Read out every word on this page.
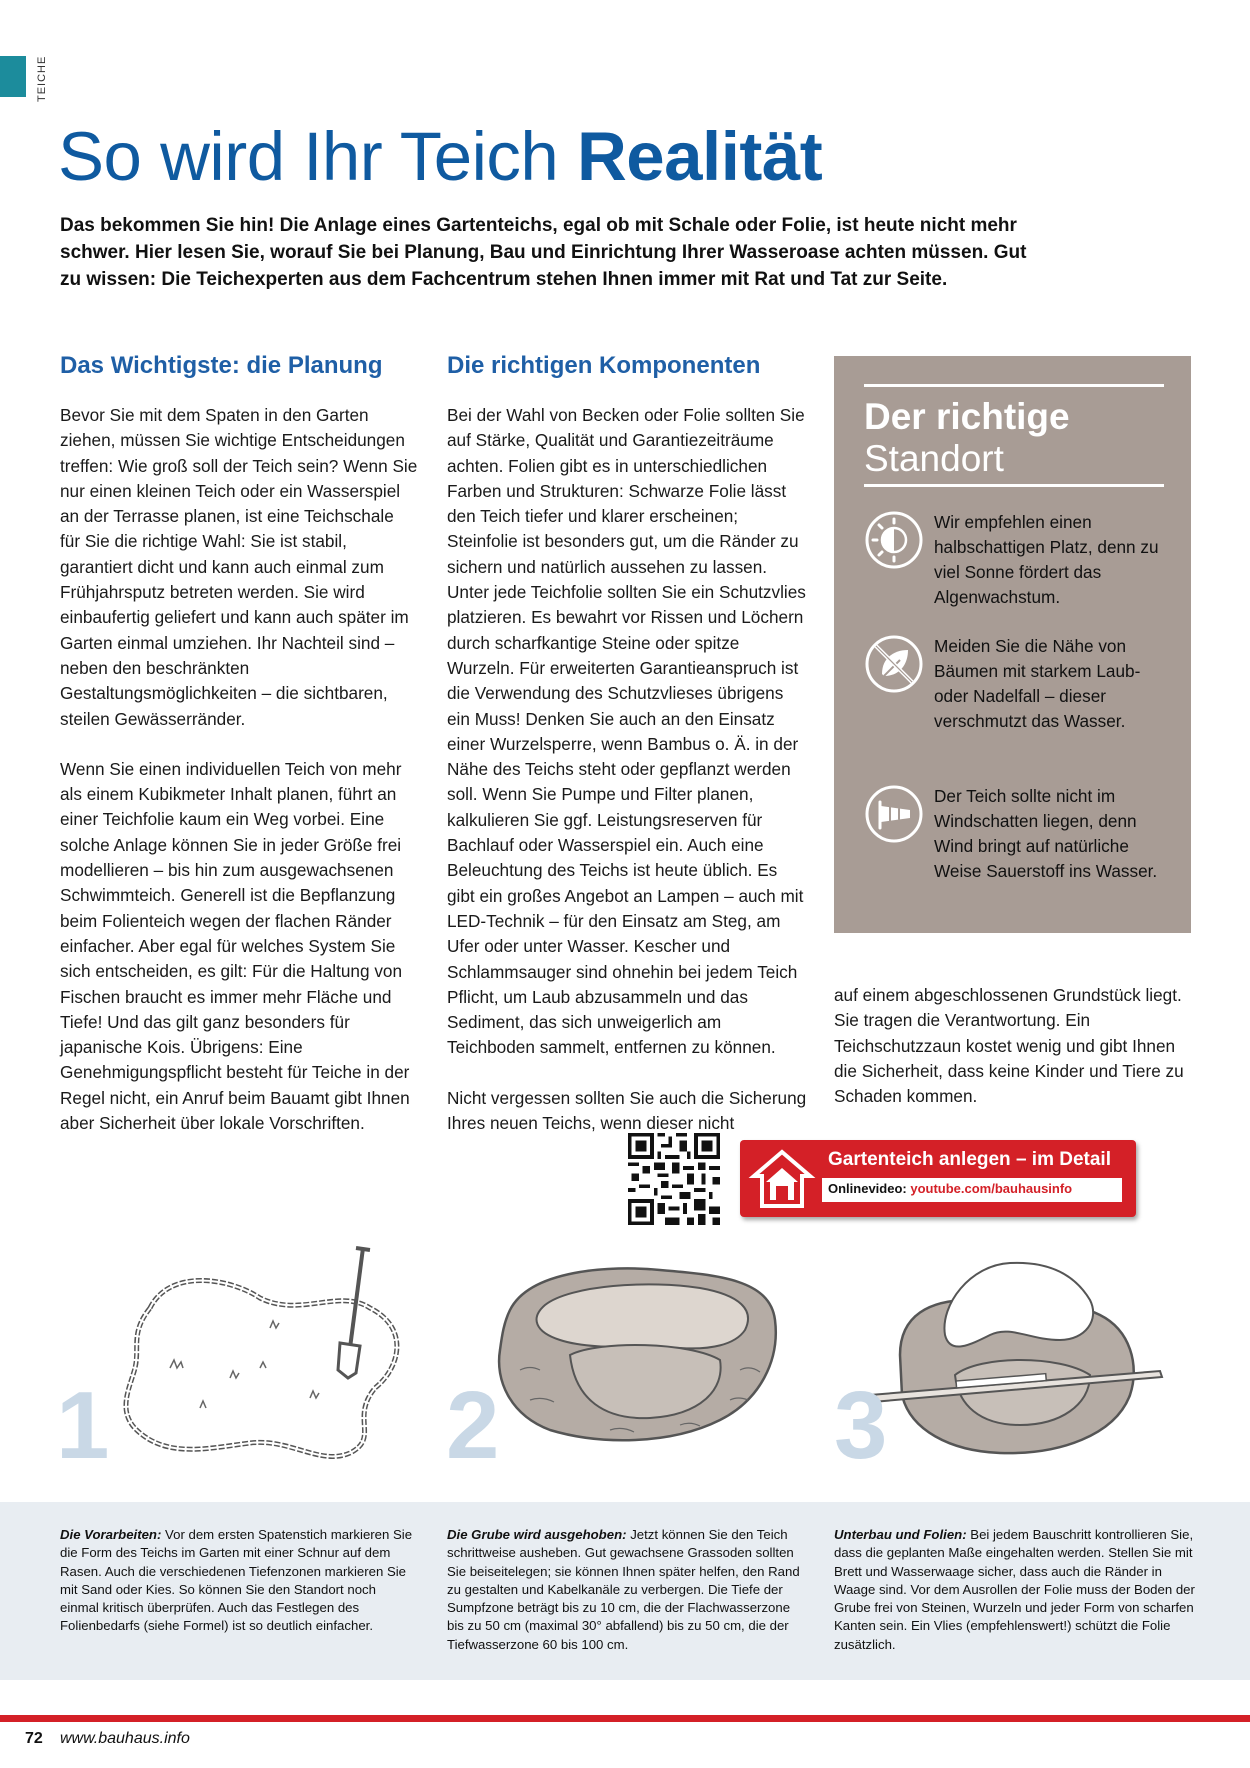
TEICHE
So wird Ihr Teich Realität
Das bekommen Sie hin! Die Anlage eines Gartenteichs, egal ob mit Schale oder Folie, ist heute nicht mehr schwer. Hier lesen Sie, worauf Sie bei Planung, Bau und Einrichtung Ihrer Wasseroase achten müssen. Gut zu wissen: Die Teichexperten aus dem Fachcentrum stehen Ihnen immer mit Rat und Tat zur Seite.
Das Wichtigste: die Planung

Bevor Sie mit dem Spaten in den Garten ziehen, müssen Sie wichtige Entscheidungen treffen: Wie groß soll der Teich sein? Wenn Sie nur einen kleinen Teich oder ein Wasserspiel an der Terrasse planen, ist eine Teichschale für Sie die richtige Wahl: Sie ist stabil, garantiert dicht und kann auch einmal zum Frühjahrsputz betreten werden. Sie wird einbaufertig geliefert und kann auch später im Garten einmal umziehen. Ihr Nachteil sind – neben den beschränkten Gestaltungsmöglichkeiten – die sichtbaren, steilen Gewässerränder.

Wenn Sie einen individuellen Teich von mehr als einem Kubikmeter Inhalt planen, führt an einer Teichfolie kaum ein Weg vorbei. Eine solche Anlage können Sie in jeder Größe frei modellieren – bis hin zum ausgewachsenen Schwimmteich. Generell ist die Bepflanzung beim Folienteich wegen der flachen Ränder einfacher. Aber egal für welches System Sie sich entscheiden, es gilt: Für die Haltung von Fischen braucht es immer mehr Fläche und Tiefe! Und das gilt ganz besonders für japanische Kois. Übrigens: Eine Genehmigungspflicht besteht für Teiche in der Regel nicht, ein Anruf beim Bauamt gibt Ihnen aber Sicherheit über lokale Vorschriften.

Die richtigen Komponenten

Bei der Wahl von Becken oder Folie sollten Sie auf Stärke, Qualität und Garantiezeiträume achten. Folien gibt es in unterschiedlichen Farben und Strukturen: Schwarze Folie lässt den Teich tiefer und klarer erscheinen; Steinfolie ist besonders gut, um die Ränder zu sichern und natürlich aussehen zu lassen. Unter jede Teichfolie sollten Sie ein Schutzvlies platzieren. Es bewahrt vor Rissen und Löchern durch scharfkantige Steine oder spitze Wurzeln. Für erweiterten Garantieanspruch ist die Verwendung des Schutzvlieses übrigens ein Muss! Denken Sie auch an den Einsatz einer Wurzelsperre, wenn Bambus o. Ä. in der Nähe des Teichs steht oder gepflanzt werden soll. Wenn Sie Pumpe und Filter planen, kalkulieren Sie ggf. Leistungsreserven für Bachlauf oder Wasserspiel ein. Auch eine Beleuchtung des Teichs ist heute üblich. Es gibt ein großes Angebot an Lampen – auch mit LED-Technik – für den Einsatz am Steg, am Ufer oder unter Wasser. Kescher und Schlammsauger sind ohnehin bei jedem Teich Pflicht, um Laub abzusammeln und das Sediment, das sich unweigerlich am Teichboden sammelt, entfernen zu können.

Nicht vergessen sollten Sie auch die Sicherung Ihres neuen Teichs, wenn dieser nicht

Der richtige
Standort
Wir empfehlen einen halbschattigen Platz, denn zu viel Sonne fördert das Algenwachstum.
Meiden Sie die Nähe von Bäumen mit starkem Laub- oder Nadelfall – dieser verschmutzt das Wasser.
Der Teich sollte nicht im Windschatten liegen, denn Wind bringt auf natürliche Weise Sauerstoff ins Wasser.
auf einem abgeschlossenen Grundstück liegt. Sie tragen die Verantwortung. Ein Teichschutzzaun kostet wenig und gibt Ihnen die Sicherheit, dass keine Kinder und Tiere zu Schaden kommen.
Gartenteich anlegen – im Detail
Onlinevideo: youtube.com/bauhausinfo
1	2	3
Die Vorarbeiten: Vor dem ersten Spatenstich markieren Sie die Form des Teichs im Garten mit einer Schnur auf dem Rasen. Auch die verschiedenen Tiefenzonen markieren Sie mit Sand oder Kies. So können Sie den Standort noch einmal kritisch überprüfen. Auch das Festlegen des Folienbedarfs (siehe Formel) ist so deutlich einfacher.
Die Grube wird ausgehoben: Jetzt können Sie den Teich schrittweise ausheben. Gut gewachsene Grassoden sollten Sie beiseitelegen; sie können Ihnen später helfen, den Rand zu gestalten und Kabelkanäle zu verbergen. Die Tiefe der Sumpfzone beträgt bis zu 10 cm, die der Flachwasserzone bis zu 50 cm (maximal 30° abfallend) bis zu 50 cm, die der Tiefwasserzone 60 bis 100 cm.
Unterbau und Folien: Bei jedem Bauschritt kontrollieren Sie, dass die geplanten Maße eingehalten werden. Stellen Sie mit Brett und Wasserwaage sicher, dass auch die Ränder in Waage sind. Vor dem Ausrollen der Folie muss der Boden der Grube frei von Steinen, Wurzeln und jeder Form von scharfen Kanten sein. Ein Vlies (empfehlenswert!) schützt die Folie zusätzlich.
72 www.bauhaus.info
